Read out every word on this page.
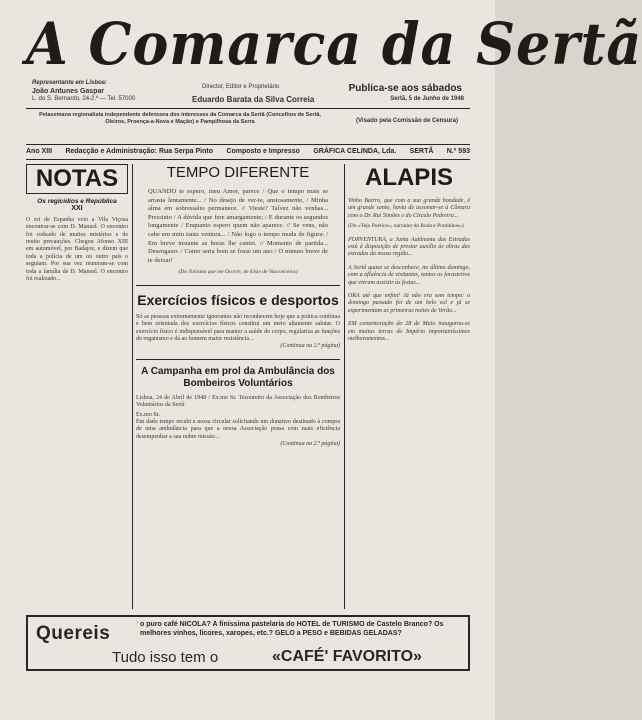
A Comarca da Sertã
Representante em Lisboa:
João Antunes Gaspar
L. do S. Bernardo, 24-2.º — Tel. 57000
Director, Editor e Proprietário
Eduardo Barata da Silva Correia
Publica-se aos sábados
Sertã, 5 de Junho de 1948
Pelasemana regionalista independente defensora dos interesses da Comarca da Sertã (Concelhos de Sertã, Oleiros, Proença-a-Nova e Mação) e Pampilhosa da Serra	(Visado pela Comissão de Censura)
Ano XIII Redacção e Administração: Rua Serpa Pinto Composto e Impresso GRÁFICA CELINDA, Lda. SERTÃ N.º 593
NOTAS
Os regicídios e República
XXI
O rei de Espanha veio a Vila Viçosa encontrar-se com D. Manuel. O encontro foi rodeado de muitos mistérios e de muito precauções. Chegou Afonso XIII em automóvel, por Badajoz, e dizem que toda a polícia de um ou outro país o seguiam. Por sua vez reuniram-se com toda a família de D. Manuel. O encontro foi realizado...
TEMPO DIFERENTE
QUANDO te espero, meu Amor, parece / Que o tempo mais se arrasta lentamente... / No desejo de ver-te, ansiosamente, / Minha alma em sobressalto permanece. // Vieste? Talvez não venhas... Pressinto / A dúvida que fere amargamente; / E durante os segundos longamente / Enquanto espero quem não aparece. // Se vens, não cabe em mim tanta ventura... / Não logo o tempo muda de figura: / Em breve instante as horas lhe cantei. // Momento de partida... Desengano: / Como seria bom se fosse um ano / O minuto breve de te deixar!
(Do Turismo que me Ocorre, de Elsie de Vasconcelos)
Exercícios físicos e desportos
Só as pessoas extremamente ignorantes não reconhecem hoje que a prática contínua e bem orientada dos exercícios físicos constitui um meio altamente salutar. O exercício físico é indispensável para manter a saúde do corpo, regulariza as funções do organismo e dá ao homem maior resistência...
(Continua na 2.ª página)
A Campanha em prol da Ambulância dos Bombeiros Voluntários
Lisboa, 24 de Abril de 1948 / Ex.mo Sr. Tesoureiro da Associação dos Bombeiros Voluntários da Sertã
Ex.mo Sr.
Em dado tempo recebi a nossa circular solicitando um donativo destinado à compra de uma ambulância para que a nossa Associação possa com mais eficiência desempenhar a sua nobre missão...
(Continua na 2.ª página)
ALAPIS
Vinho Bairro, que com a sua grande bondade, é um grande santo, havia de assomar-se à Câmara com o Dr. Rui Simões e do Círculo Pedreira...
(Do «Tejo Poético», narrador da Roda e Pontinhos»)
PORVENTURA, a Junta Autônoma das Estradas está à disposição de prestar auxílio às obras das estradas da nossa região...
A Sertã quase se desconhece, no último domingo, com a afluência de visitantes, tantos os forasteiros que vieram assistir às festas...
ORA até que enfim! Já não era sem tempo: o domingo passado foi de um belo sol e já se experimentam as primeiras noites de Verão...
EM comemoração do 28 de Maio inaugurou-se em muitas terras do Império importantíssimos melhoramentos...
Quereis	o puro café NICOLA? A finíssima pastelaria do HOTEL de TURISMO de Castelo Branco? Os melhores vinhos, licores, xaropes, etc.? GELO a PESO e BEBIDAS GELADAS?
Tudo isso tem o	«CAFÉ' FAVORITO»
